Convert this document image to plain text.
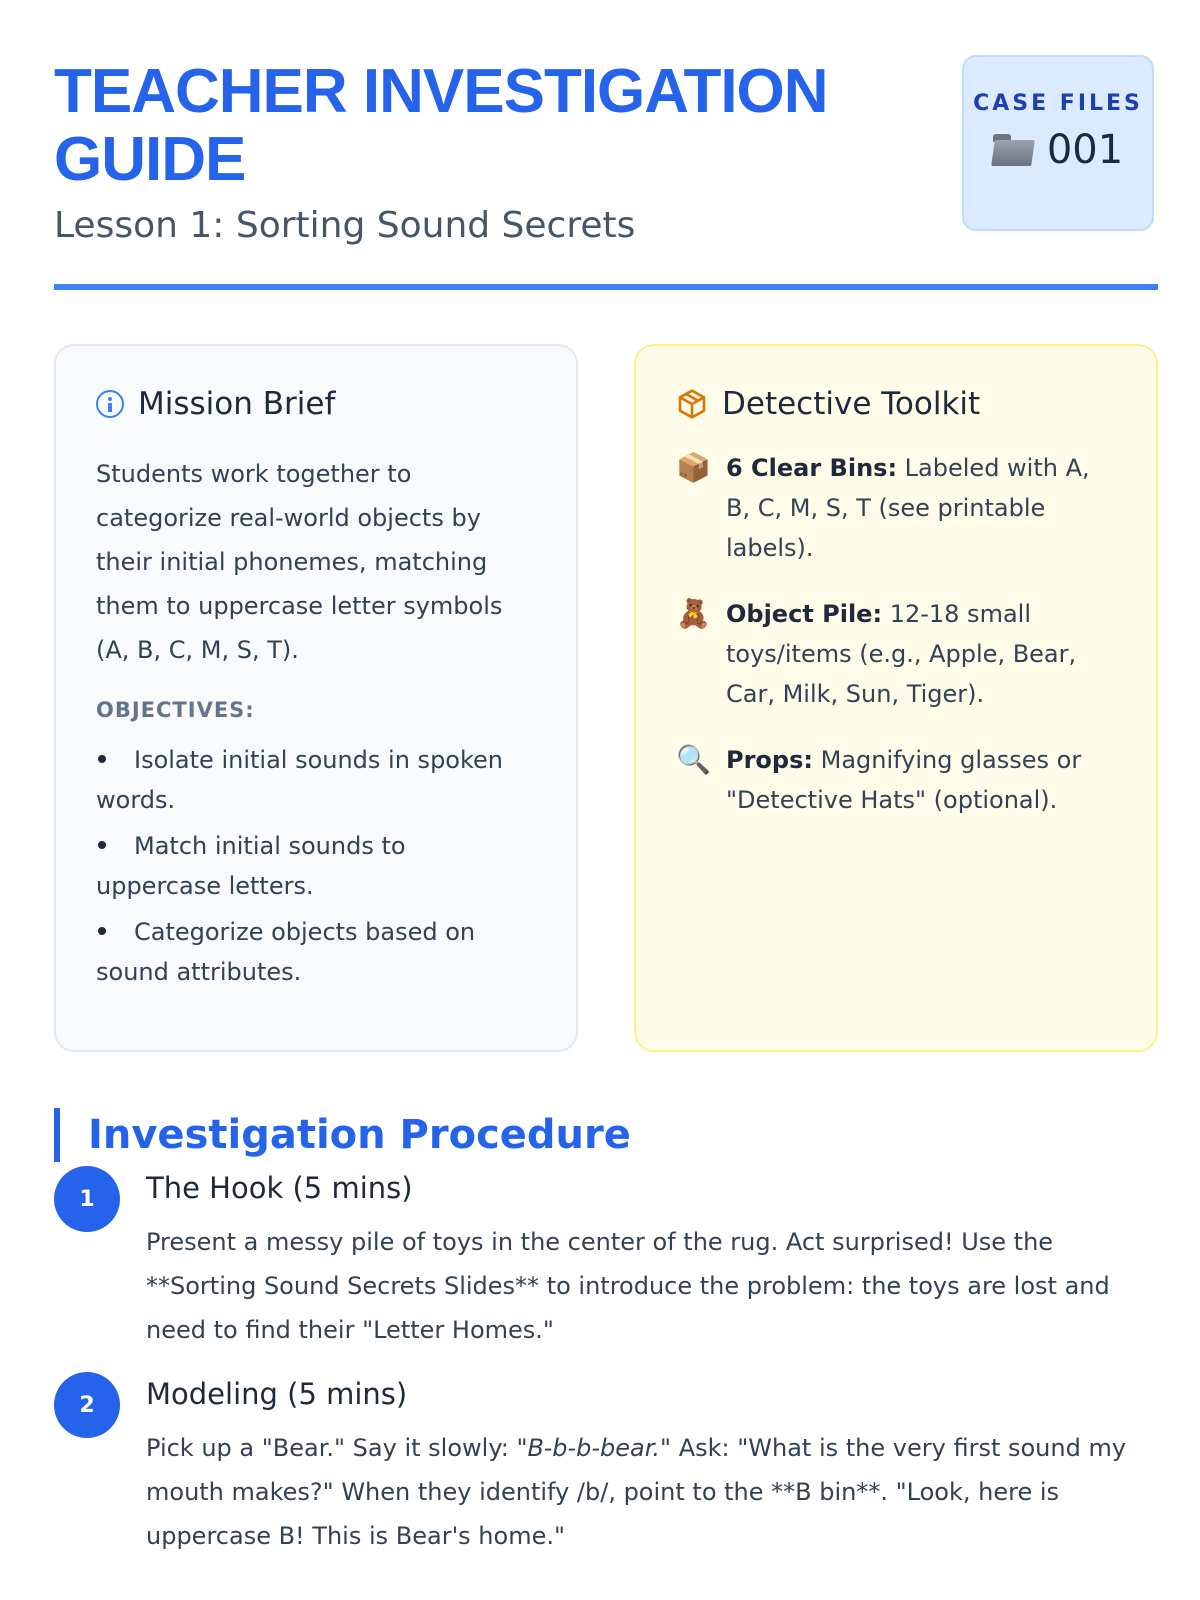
TEACHER INVESTIGATION GUIDE
Lesson 1: Sorting Sound Secrets
CASE FILES
001
Mission Brief

Students work together to categorize real-world objects by their initial phonemes, matching them to uppercase letter symbols (A, B, C, M, S, T).

OBJECTIVES:
Isolate initial sounds in spoken words.
Match initial sounds to uppercase letters.
Categorize objects based on sound attributes.
Detective Toolkit
📦 6 Clear Bins: Labeled with A, B, C, M, S, T (see printable labels).
🧸 Object Pile: 12-18 small toys/items (e.g., Apple, Bear, Car, Milk, Sun, Tiger).
🔍 Props: Magnifying glasses or "Detective Hats" (optional).
Investigation Procedure
1	The Hook (5 mins)

Present a messy pile of toys in the center of the rug. Act surprised! Use the **Sorting Sound Secrets Slides** to introduce the problem: the toys are lost and need to find their "Letter Homes."

2	Modeling (5 mins)

Pick up a "Bear." Say it slowly: "B-b-b-bear." Ask: "What is the very first sound my mouth makes?" When they identify /b/, point to the **B bin**. "Look, here is uppercase B! This is Bear's home."
